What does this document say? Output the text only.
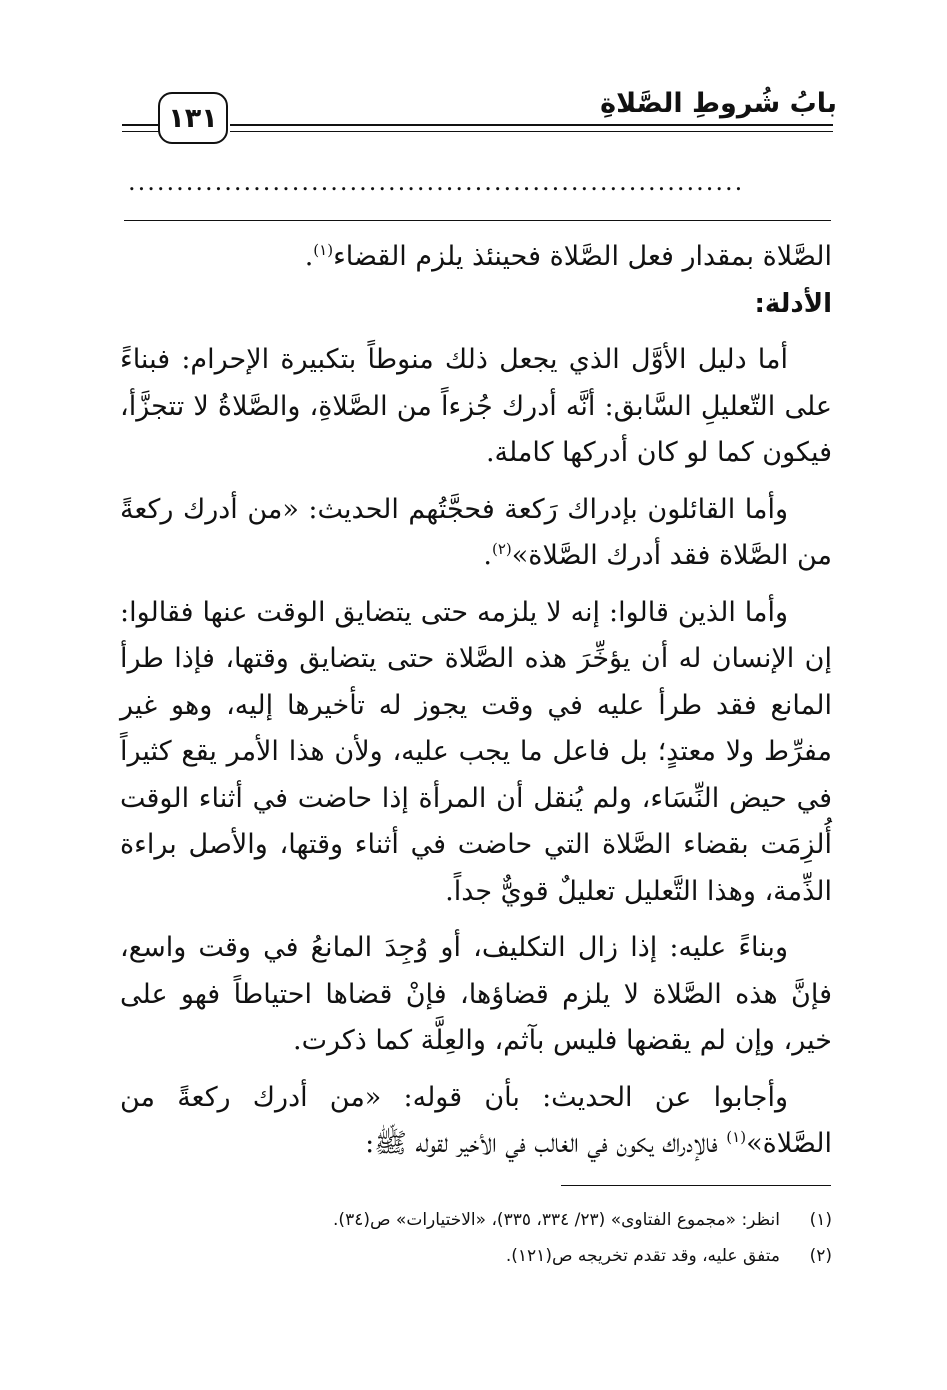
بابُ شُروطِ الصَّلاةِ
١٣١
................................................................

الصَّلاة بمقدار فعل الصَّلاة فحينئذ يلزم القضاء$^{(١)}$.

الأدلة:

أما دليل الأوَّل الذي يجعل ذلك منوطاً بتكبيرة الإحرام: فبناءً على التّعليلِ السَّابق: أنَّه أدرك جُزءاً من الصَّلاةِ، والصَّلاةُ لا تتجزَّأ، فيكون كما لو كان أدركها كاملة.

وأما القائلون بإدراك رَكعة فحجَّتُهم الحديث: «من أدرك ركعةً من الصَّلاة فقد أدرك الصَّلاة»$^{(٢)}$.

وأما الذين قالوا: إنه لا يلزمه حتى يتضايق الوقت عنها فقالوا: إن الإنسان له أن يؤخِّرَ هذه الصَّلاة حتى يتضايق وقتها، فإذا طرأ المانع فقد طرأ عليه في وقت يجوز له تأخيرها إليه، وهو غير مفرِّط ولا معتدٍ؛ بل فاعل ما يجب عليه، ولأن هذا الأمر يقع كثيراً في حيض النِّسَاء، ولم يُنقل أن المرأة إذا حاضت في أثناء الوقت أُلزِمَت بقضاء الصَّلاة التي حاضت في أثناء وقتها، والأصل براءة الذِّمة، وهذا التَّعليل تعليلٌ قويٌّ جداً.

وبناءً عليه: إذا زال التكليف، أو وُجِدَ المانعُ في وقت واسع، فإنَّ هذه الصَّلاة لا يلزم قضاؤها، فإنْ قضاها احتياطاً فهو على خير، وإن لم يقضها فليس بآثم، والعِلَّة كما ذكرت.

وأجابوا عن الحديث: بأن قوله: «من أدرك ركعةً من الصَّلاة»$^{(١)}$ فالإدراك يكون في الغالب في الأخير لقوله ﷺ:

(١)
انظر: «مجموع الفتاوى» (٢٣/ ٣٣٤، ٣٣٥)، «الاختيارات» ص(٣٤).
(٢)
متفق عليه، وقد تقدم تخريجه ص(١٢١).
